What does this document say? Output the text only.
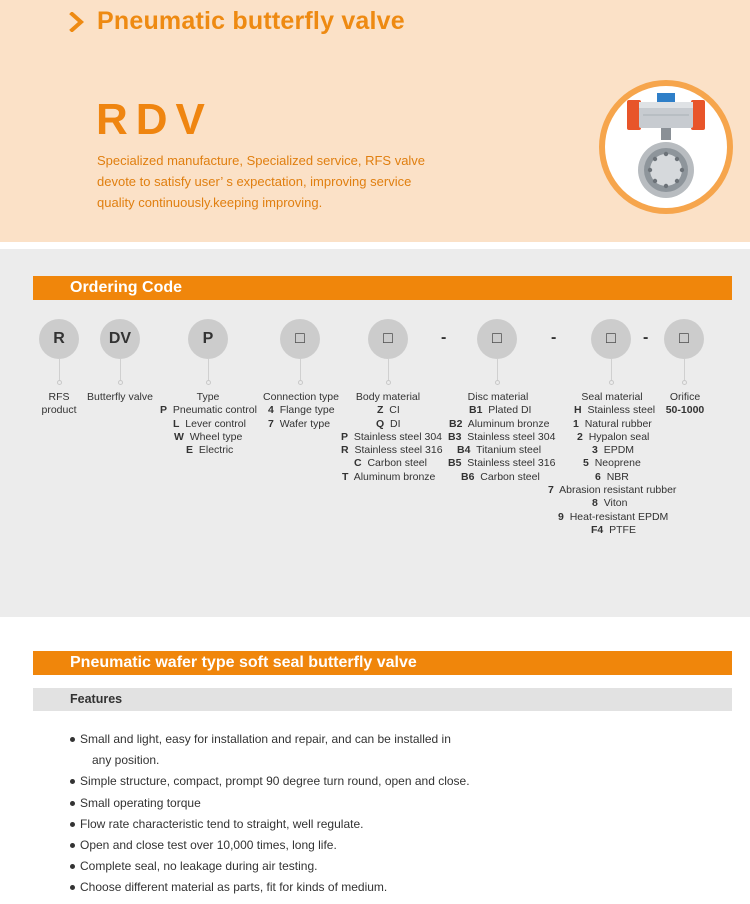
Pneumatic butterfly valve
RDV
Specialized manufacture, Specialized service, RFS valve
devote to satisfy user’ s expectation, improving service
quality continuously.keeping improving.
Ordering Code
R	DV	P	□	□	-	□	-	□	-	□
RFS
product
Butterfly valve	Type
P Pneumatic control
L Lever control
W Wheel type
E Electric
Connection type
4 Flange type
7 Wafer type
Body material
Z CI
Q DI
P Stainless steel 304
R Stainless steel 316
C Carbon steel
T Aluminum bronze
Disc material
B1 Plated DI
B2 Aluminum bronze
B3 Stainless steel 304
B4 Titanium steel
B5 Stainless steel 316
B6 Carbon steel
Seal material
H Stainless steel
1 Natural rubber
2 Hypalon seal
3 EPDM
5 Neoprene
6 NBR
7 Abrasion resistant rubber
8 Viton
9 Heat-resistant EPDM
F4 PTFE
Orifice
50-1000
Pneumatic wafer type soft seal butterfly valve
Features
Small and light, easy for installation and repair, and can be installed in
any position.
Simple structure, compact, prompt 90 degree turn round, open and close.
Small operating torque
Flow rate characteristic tend to straight, well regulate.
Open and close test over 10,000 times, long life.
Complete seal, no leakage during air testing.
Choose different material as parts, fit for kinds of medium.
